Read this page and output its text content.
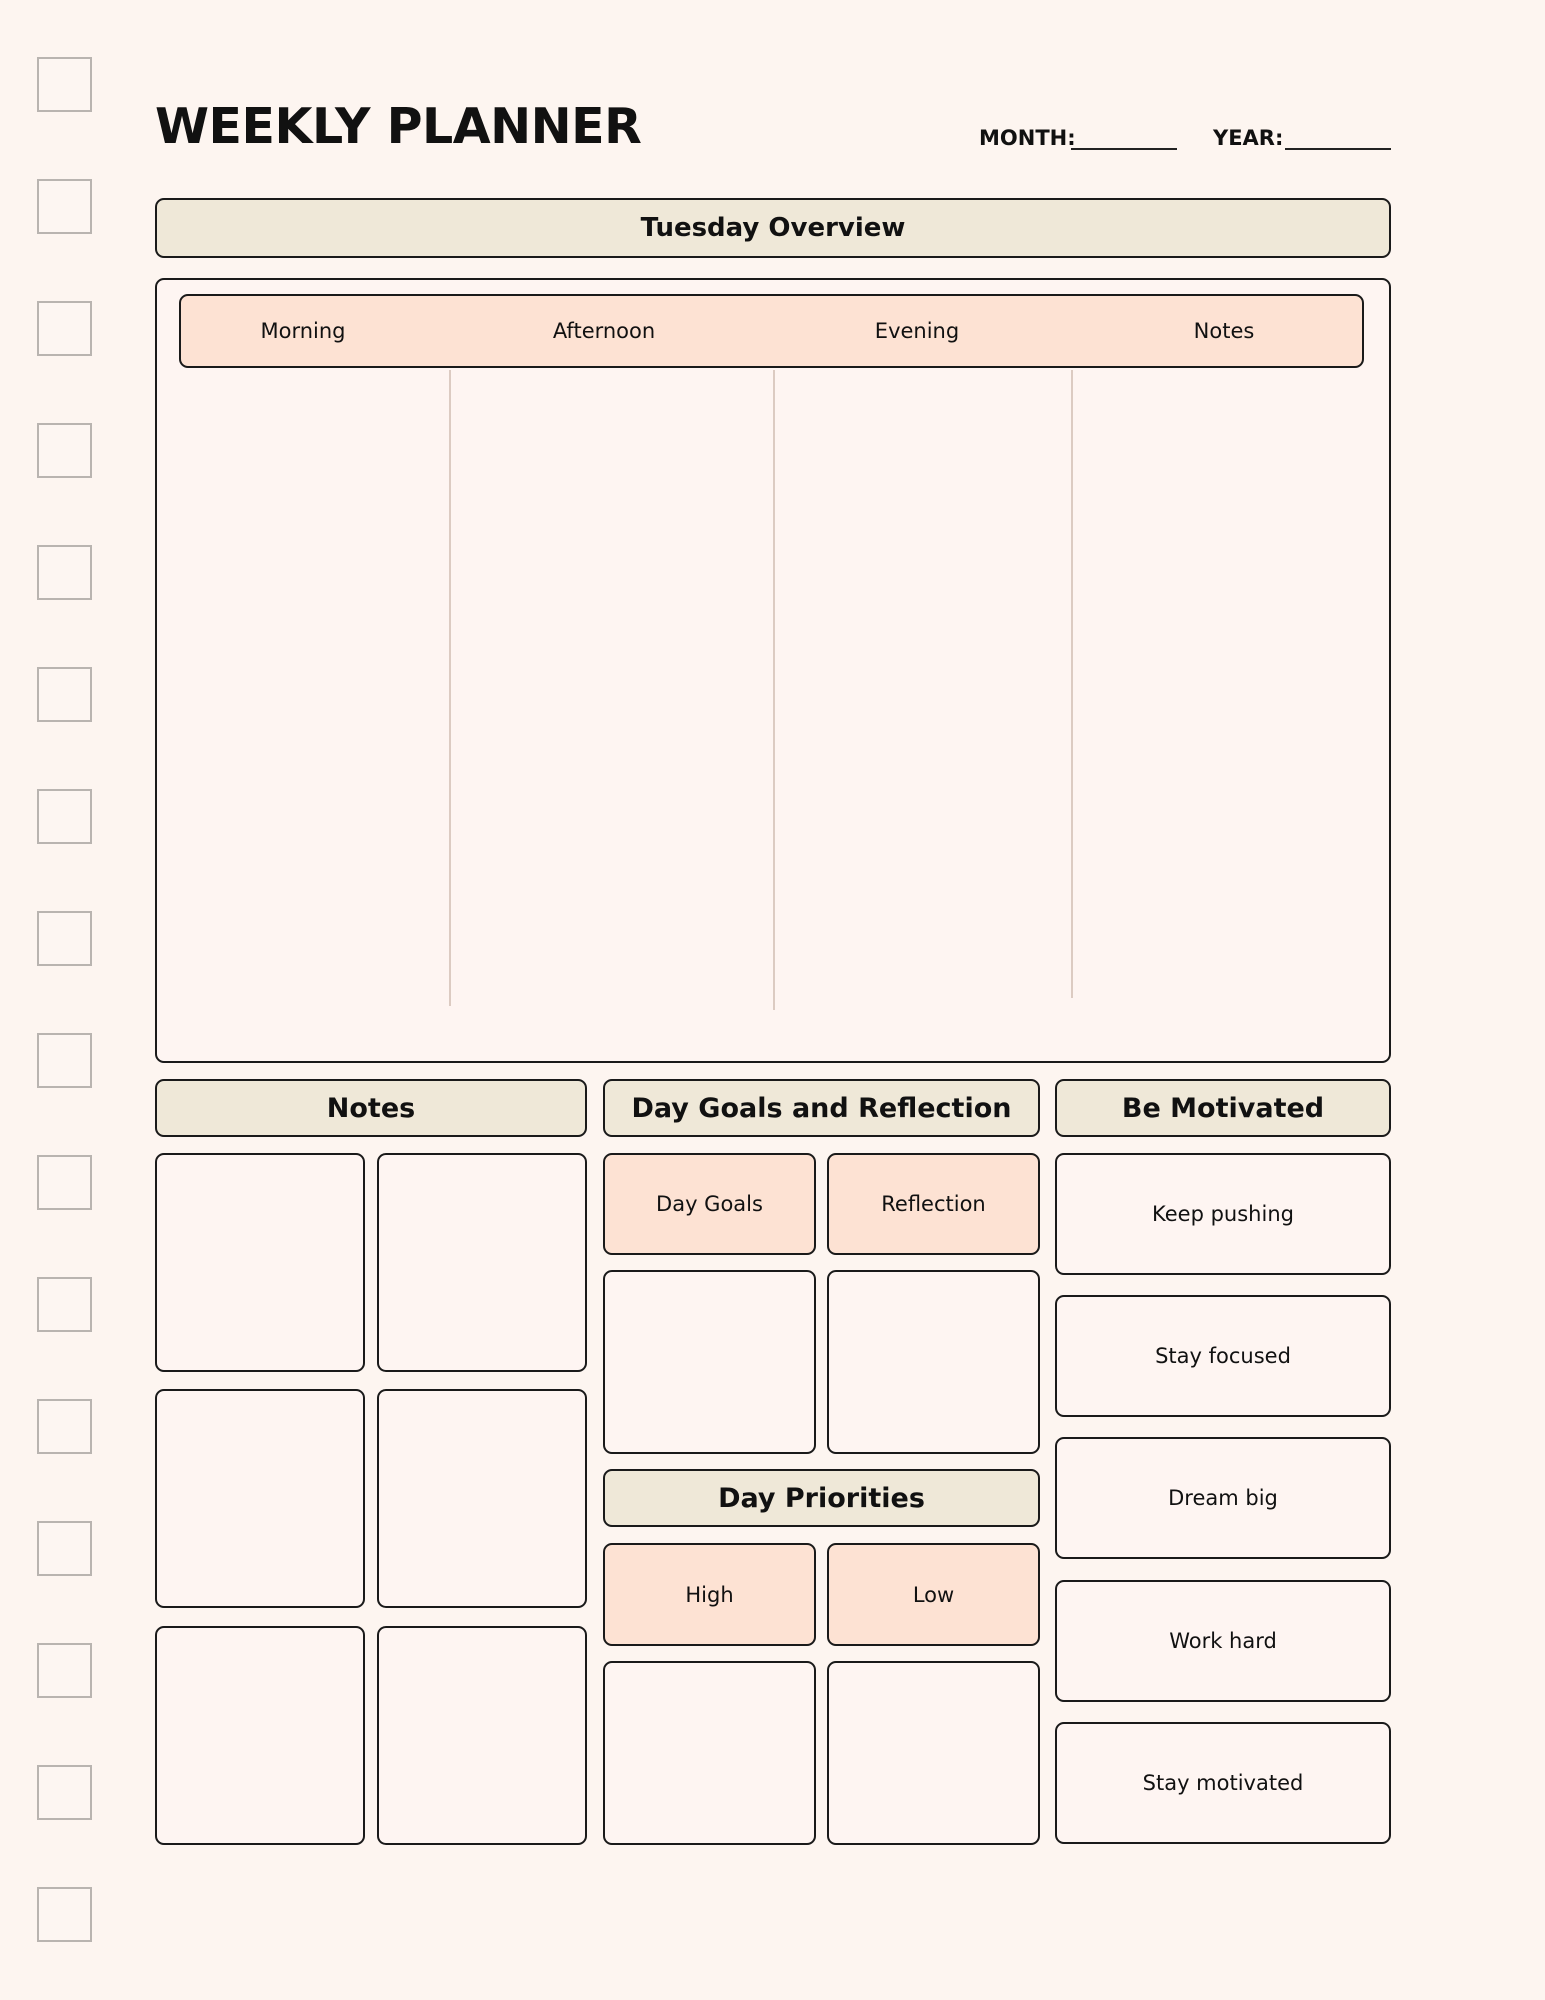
WEEKLY PLANNER	MONTH:	YEAR:
Tuesday Overview
Morning	Afternoon	Evening	Notes
Notes	Day Goals and Reflection
Day Goals	Reflection
Day Priorities
High	Low
Be Motivated
Keep pushing
Stay focused
Dream big
Work hard
Stay motivated
